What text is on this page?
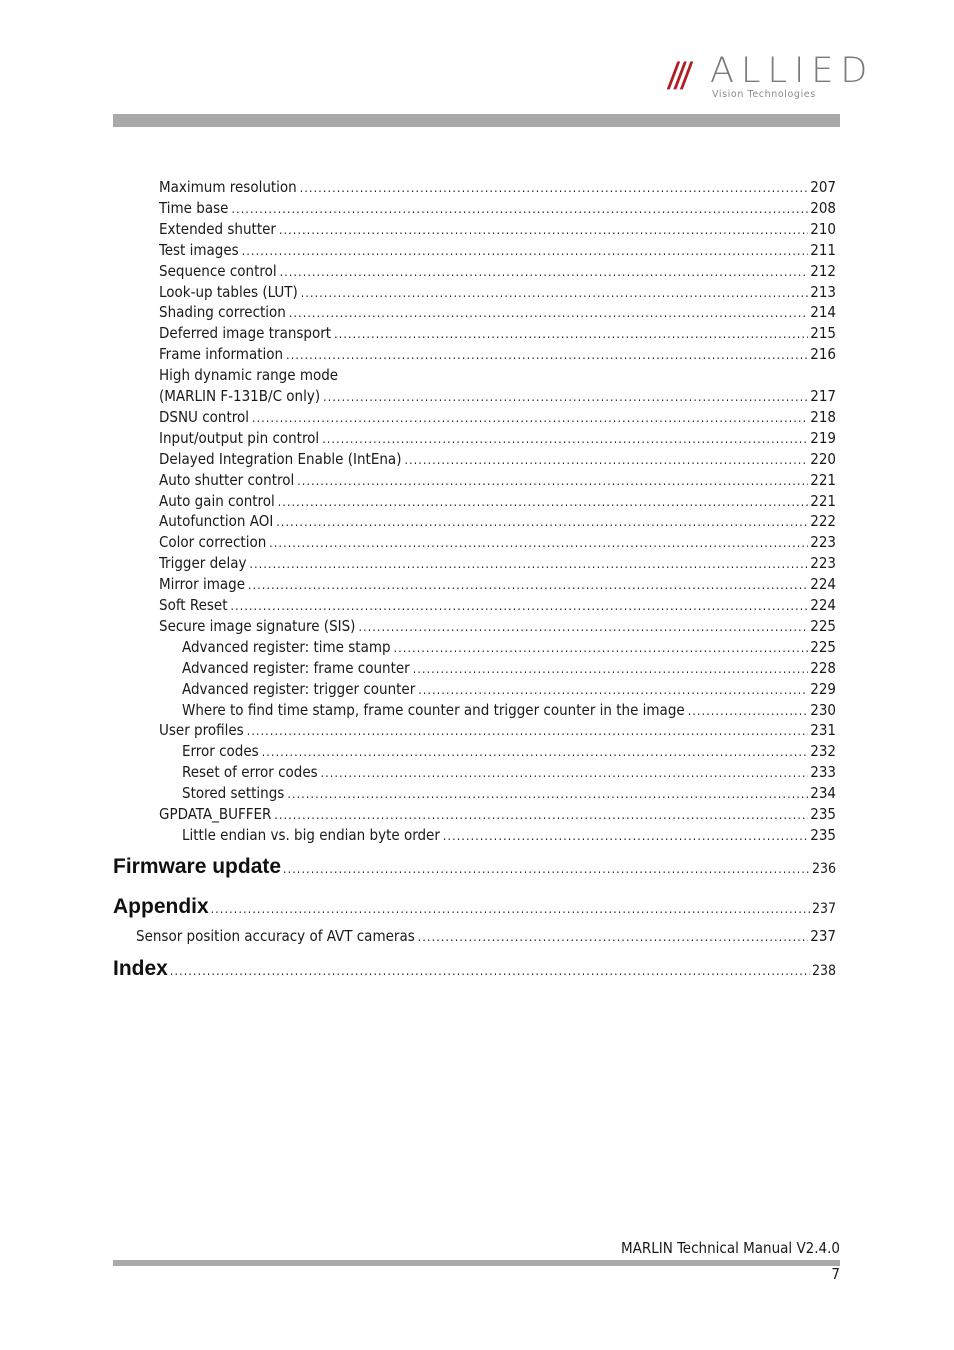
/// ALLIED
Vision Technologies
Maximum resolution .....	207
Time base .....	208
Extended shutter .....	210
Test images .....	211
Sequence control .....	212
Look-up tables (LUT) .....	213
Shading correction .....	214
Deferred image transport .....	215
Frame information .....	216
High dynamic range mode
(MARLIN F-131B/C only) .....	217
DSNU control .....	218
Input/output pin control .....	219
Delayed Integration Enable (IntEna) .....	220
Auto shutter control .....	221
Auto gain control .....	221
Autofunction AOI .....	222
Color correction .....	223
Trigger delay .....	223
Mirror image .....	224
Soft Reset .....	224
Secure image signature (SIS) .....	225
Advanced register: time stamp .....	225
Advanced register: frame counter .....	228
Advanced register: trigger counter .....	229
Where to find time stamp, frame counter and trigger counter in the image .....	230
User profiles .....	231
Error codes .....	232
Reset of error codes .....	233
Stored settings .....	234
GPDATA_BUFFER .....	235
Little endian vs. big endian byte order .....	235
Firmware update .....	236
Appendix .....	237
Sensor position accuracy of AVT cameras .....	237
Index .....	238
MARLIN Technical Manual V2.4.0
7
